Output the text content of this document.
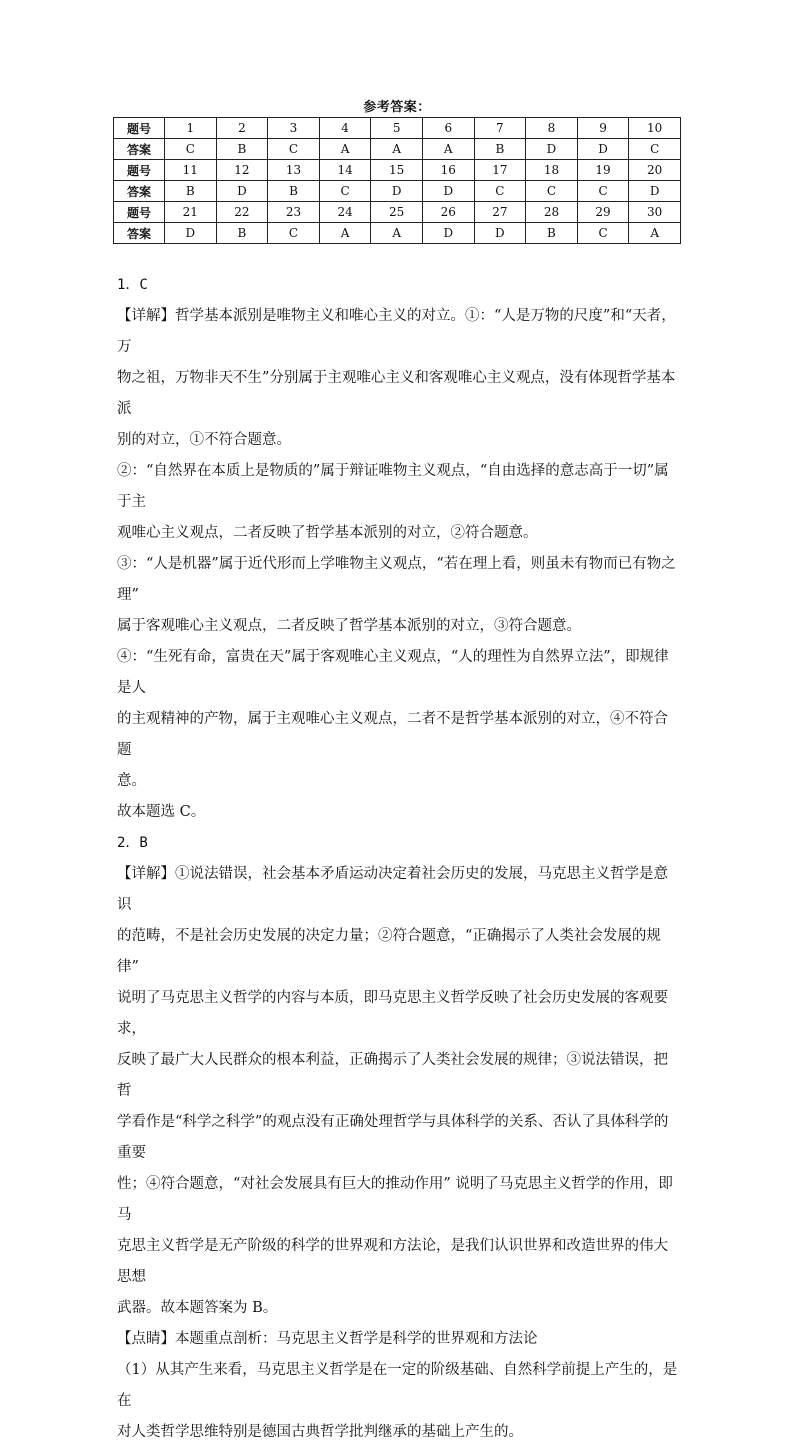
参考答案：
题号	1	2	3	4	5	6	7	8	9	10
答案	C	B	C	A	A	A	B	D	D	C
题号	11	12	13	14	15	16	17	18	19	20
答案	B	D	B	C	D	D	C	C	C	D
题号	21	22	23	24	25	26	27	28	29	30
答案	D	B	C	A	A	D	D	B	C	A

1．C

【详解】哲学基本派别是唯物主义和唯心主义的对立。①：“人是万物的尺度”和“天者，万

物之祖，万物非天不生”分别属于主观唯心主义和客观唯心主义观点，没有体现哲学基本派

别的对立，①不符合题意。

②：“自然界在本质上是物质的”属于辩证唯物主义观点，“自由选择的意志高于一切”属于主

观唯心主义观点，二者反映了哲学基本派别的对立，②符合题意。

③：“人是机器”属于近代形而上学唯物主义观点，“若在理上看，则虽未有物而已有物之理”

属于客观唯心主义观点，二者反映了哲学基本派别的对立，③符合题意。

④：“生死有命，富贵在天”属于客观唯心主义观点，“人的理性为自然界立法”，即规律是人

的主观精神的产物，属于主观唯心主义观点，二者不是哲学基本派别的对立，④不符合题

意。

故本题选 C。

2．B

【详解】①说法错误，社会基本矛盾运动决定着社会历史的发展，马克思主义哲学是意识

的范畴，不是社会历史发展的决定力量；②符合题意，“正确揭示了人类社会发展的规律”

说明了马克思主义哲学的内容与本质，即马克思主义哲学反映了社会历史发展的客观要求，

反映了最广大人民群众的根本利益，正确揭示了人类社会发展的规律；③说法错误，把哲

学看作是“科学之科学”的观点没有正确处理哲学与具体科学的关系、否认了具体科学的重要

性；④符合题意，“对社会发展具有巨大的推动作用” 说明了马克思主义哲学的作用，即马

克思主义哲学是无产阶级的科学的世界观和方法论，是我们认识世界和改造世界的伟大思想

武器。故本题答案为 B。

【点睛】本题重点剖析：马克思主义哲学是科学的世界观和方法论

（1）从其产生来看，马克思主义哲学是在一定的阶级基础、自然科学前提上产生的，是在

对人类哲学思维特别是德国古典哲学批判继承的基础上产生的。
